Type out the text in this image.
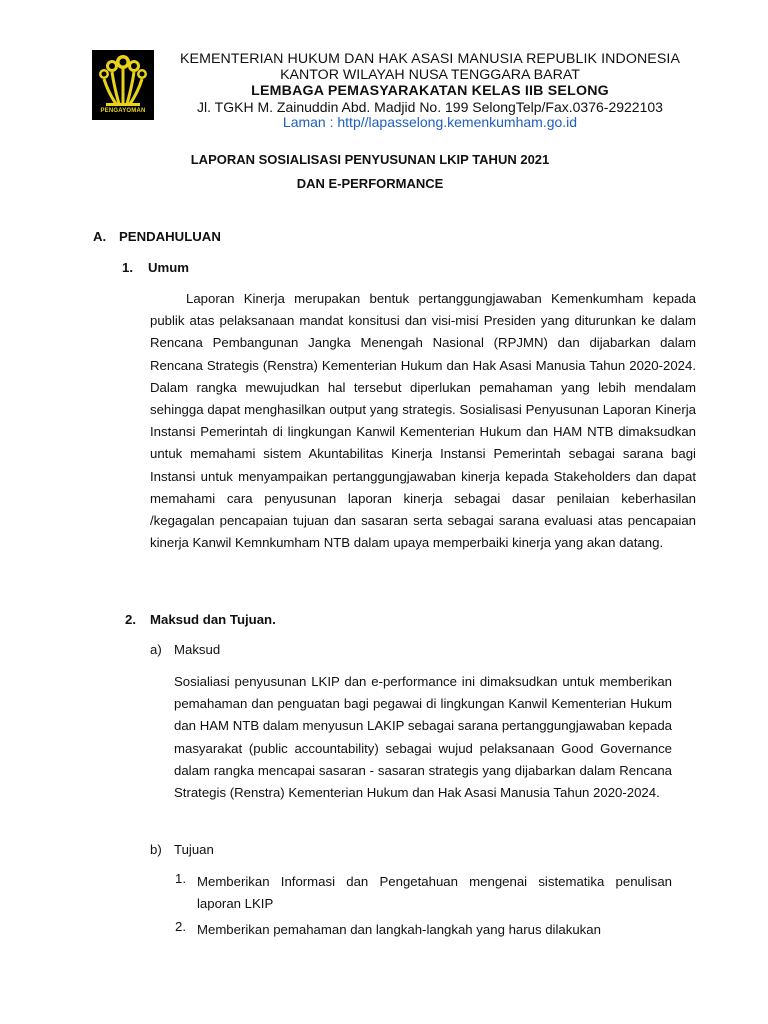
PENGAYOMAN
KEMENTERIAN HUKUM DAN HAK ASASI MANUSIA REPUBLIK INDONESIA
KANTOR WILAYAH NUSA TENGGARA BARAT
LEMBAGA PEMASYARAKATAN KELAS IIB SELONG
Jl. TGKH M. Zainuddin Abd. Madjid No. 199 SelongTelp/Fax.0376-2922103
Laman : http//lapasselong.kemenkumham.go.id
LAPORAN SOSIALISASI PENYUSUNAN LKIP TAHUN 2021
DAN E-PERFORMANCE
A. PENDAHULUAN
1. Umum
Laporan Kinerja merupakan bentuk pertanggungjawaban Kemenkumham kepada publik atas pelaksanaan mandat konsitusi dan visi-misi Presiden yang diturunkan ke dalam Rencana Pembangunan Jangka Menengah Nasional (RPJMN) dan dijabarkan dalam Rencana Strategis (Renstra) Kementerian Hukum dan Hak Asasi Manusia Tahun 2020-2024. Dalam rangka mewujudkan hal tersebut diperlukan pemahaman yang lebih mendalam sehingga dapat menghasilkan output yang strategis. Sosialisasi Penyusunan Laporan Kinerja Instansi Pemerintah di lingkungan Kanwil Kementerian Hukum dan HAM NTB dimaksudkan untuk memahami sistem Akuntabilitas Kinerja Instansi Pemerintah sebagai sarana bagi Instansi untuk menyampaikan pertanggungjawaban kinerja kepada Stakeholders dan dapat memahami cara penyusunan laporan kinerja sebagai dasar penilaian keberhasilan /kegagalan pencapaian tujuan dan sasaran serta sebagai sarana evaluasi atas pencapaian kinerja Kanwil Kemnkumham NTB dalam upaya memperbaiki kinerja yang akan datang.
2. Maksud dan Tujuan.
a) Maksud
Sosialiasi penyusunan LKIP dan e-performance ini dimaksudkan untuk memberikan pemahaman dan penguatan bagi pegawai di lingkungan Kanwil Kementerian Hukum dan HAM NTB dalam menyusun LAKIP sebagai sarana pertanggungjawaban kepada masyarakat (public accountability) sebagai wujud pelaksanaan Good Governance dalam rangka mencapai sasaran - sasaran strategis yang dijabarkan dalam Rencana Strategis (Renstra) Kementerian Hukum dan Hak Asasi Manusia Tahun 2020-2024.
b) Tujuan
1. Memberikan Informasi dan Pengetahuan mengenai sistematika penulisan laporan LKIP
2. Memberikan pemahaman dan langkah-langkah yang harus dilakukan
